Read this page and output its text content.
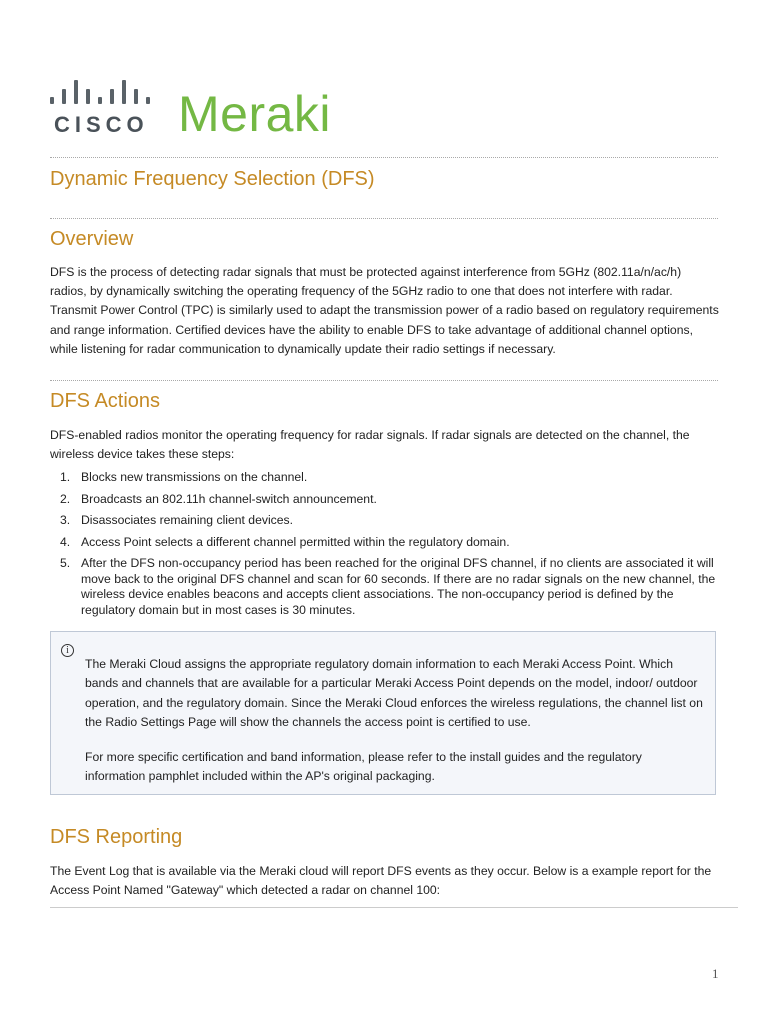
CISCO Meraki
Dynamic Frequency Selection (DFS)
Overview

DFS is the process of detecting radar signals that must be protected against interference from 5GHz (802.11a/n/ac/h) radios, by dynamically switching the operating frequency of the 5GHz radio to one that does not interfere with radar. Transmit Power Control (TPC) is similarly used to adapt the transmission power of a radio based on regulatory requirements and range information. Certified devices have the ability to enable DFS to take advantage of additional channel options, while listening for radar communication to dynamically update their radio settings if necessary.

DFS Actions

DFS-enabled radios monitor the operating frequency for radar signals. If radar signals are detected on the channel, the wireless device takes these steps:

1. Blocks new transmissions on the channel.
2. Broadcasts an 802.11h channel-switch announcement.
3. Disassociates remaining client devices.
4. Access Point selects a different channel permitted within the regulatory domain.
5. After the DFS non-occupancy period has been reached for the original DFS channel, if no clients are associated it will move back to the original DFS channel and scan for 60 seconds. If there are no radar signals on the new channel, the wireless device enables beacons and accepts client associations. The non-occupancy period is defined by the regulatory domain but in most cases is 30 minutes.
i

The Meraki Cloud assigns the appropriate regulatory domain information to each Meraki Access Point. Which bands and channels that are available for a particular Meraki Access Point depends on the model, indoor/ outdoor operation, and the regulatory domain. Since the Meraki Cloud enforces the wireless regulations, the channel list on the Radio Settings Page will show the channels the access point is certified to use.

For more specific certification and band information, please refer to the install guides and the regulatory information pamphlet included within the AP's original packaging.

DFS Reporting

The Event Log that is available via the Meraki cloud will report DFS events as they occur. Below is a example report for the Access Point Named "Gateway" which detected a radar on channel 100:

1
